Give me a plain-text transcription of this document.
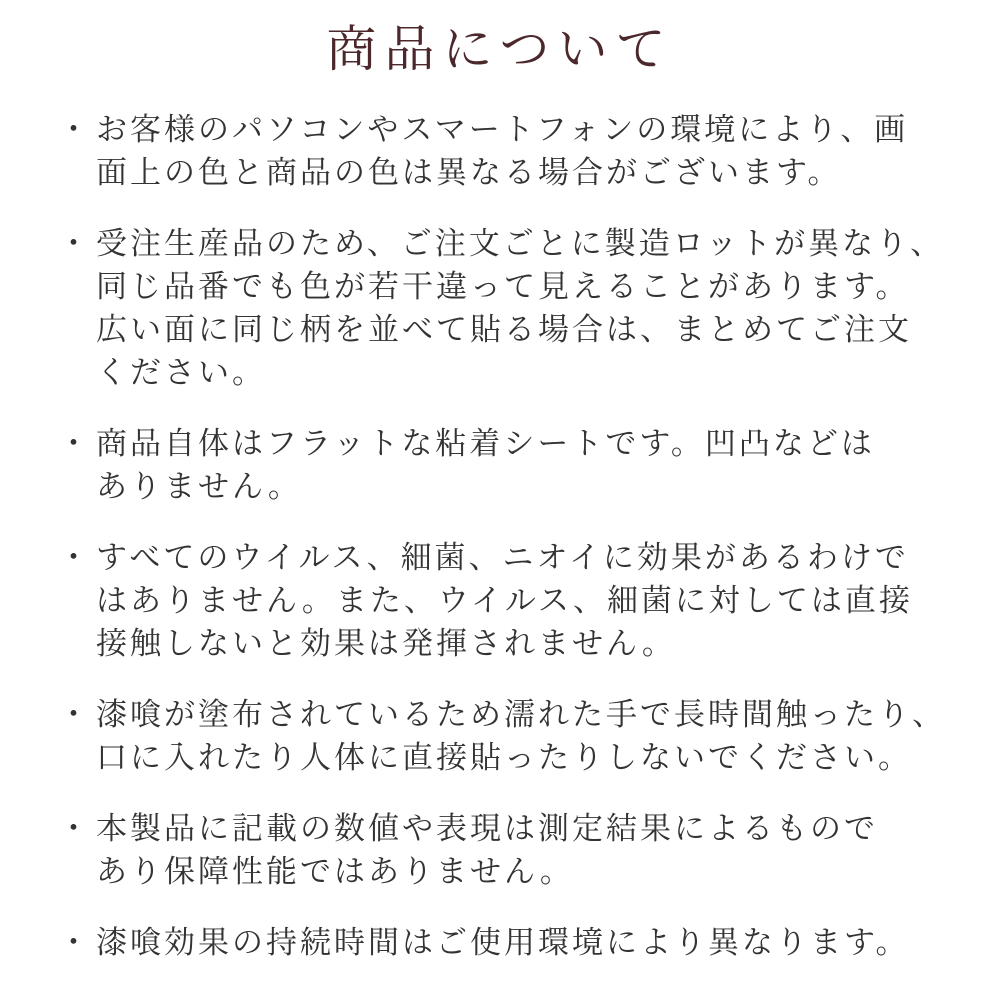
商品について
・ お客様のパソコンやスマートフォンの環境により、画
面上の色と商品の色は異なる場合がございます。
・ 受注生産品のため、ご注文ごとに製造ロットが異なり、
同じ品番でも色が若干違って見えることがあります。
広い面に同じ柄を並べて貼る場合は、まとめてご注文
ください。
・ 商品自体はフラットな粘着シートです。凹凸などは
ありません。
・ すべてのウイルス、細菌、ニオイに効果があるわけで
はありません。また、ウイルス、細菌に対しては直接
接触しないと効果は発揮されません。
・ 漆喰が塗布されているため濡れた手で長時間触ったり、
口に入れたり人体に直接貼ったりしないでください。
・ 本製品に記載の数値や表現は測定結果によるもので
あり保障性能ではありません。
・ 漆喰効果の持続時間はご使用環境により異なります。
